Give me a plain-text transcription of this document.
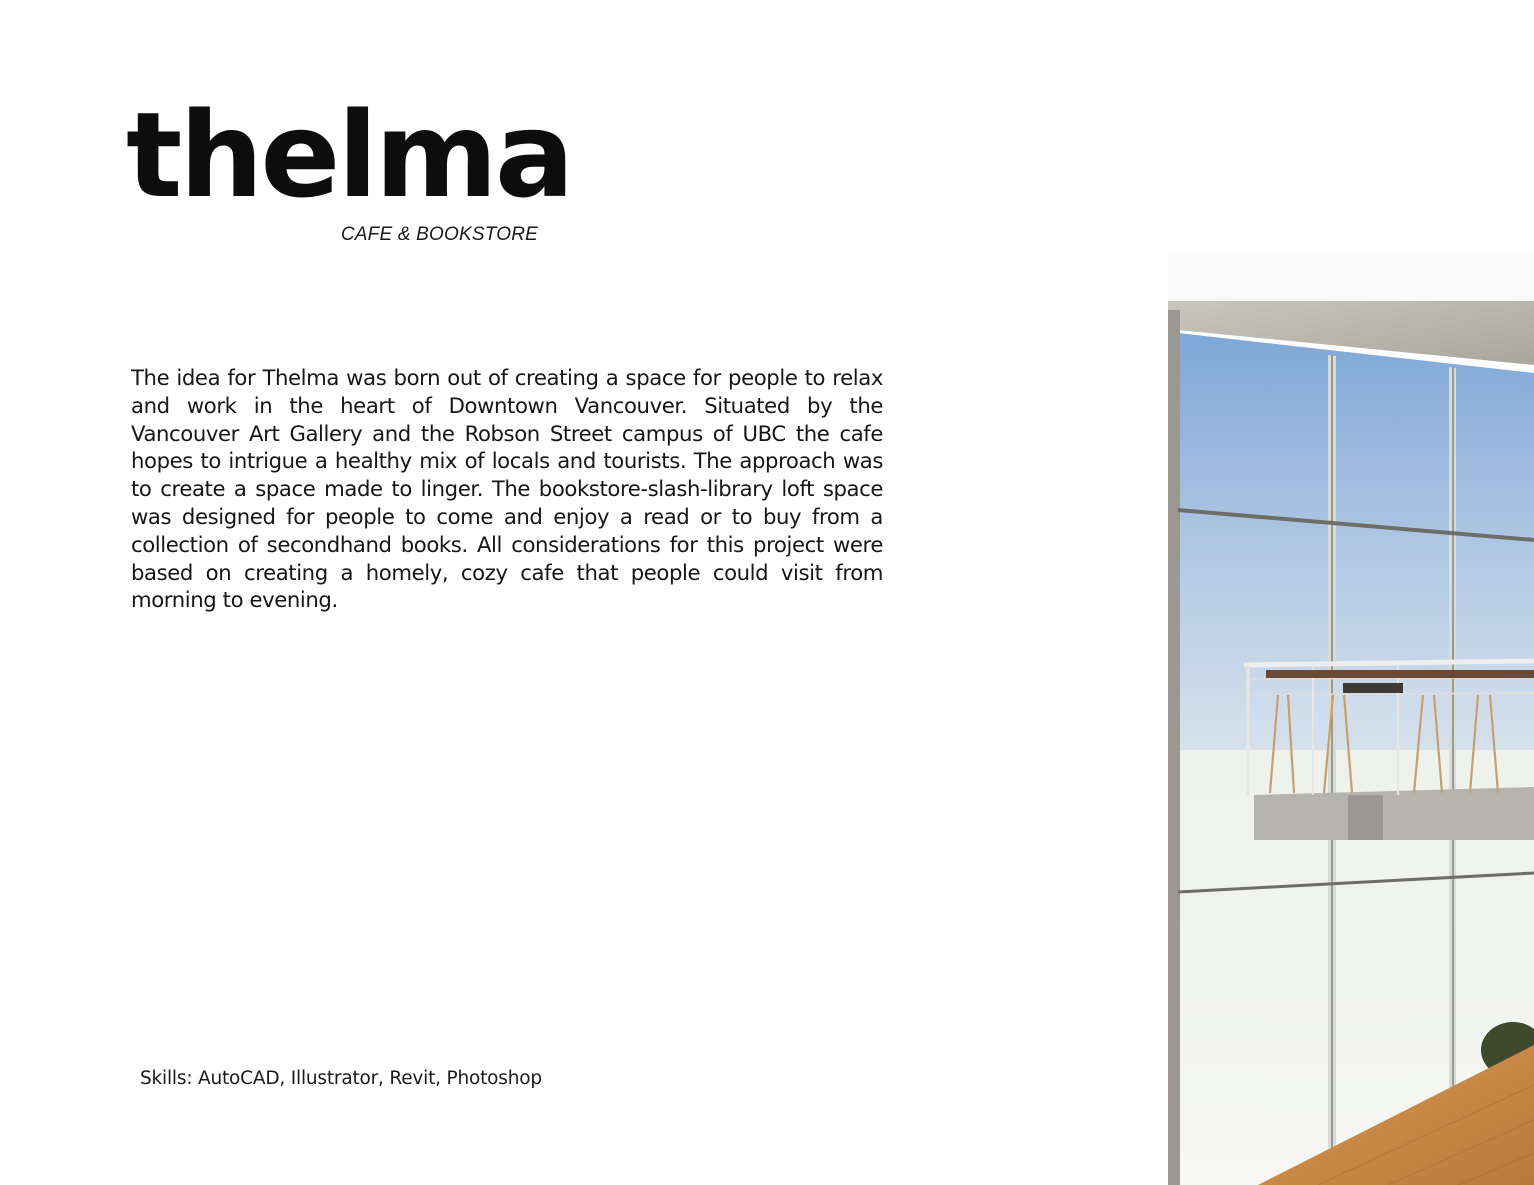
thelma
CAFE & BOOKSTORE

The idea for Thelma was born out of creating a space for people to relax and work in the heart of Downtown Vancouver. Situated by the Vancouver Art Gallery and the Robson Street campus of UBC the cafe hopes to intrigue a healthy mix of locals and tourists. The approach was to create a space made to linger. The bookstore-slash-library loft space was designed for people to come and enjoy a read or to buy from a collection of secondhand books. All considerations for this project were based on creating a homely, cozy cafe that people could visit from morning to evening.

Skills: AutoCAD, Illustrator, Revit, Photoshop
